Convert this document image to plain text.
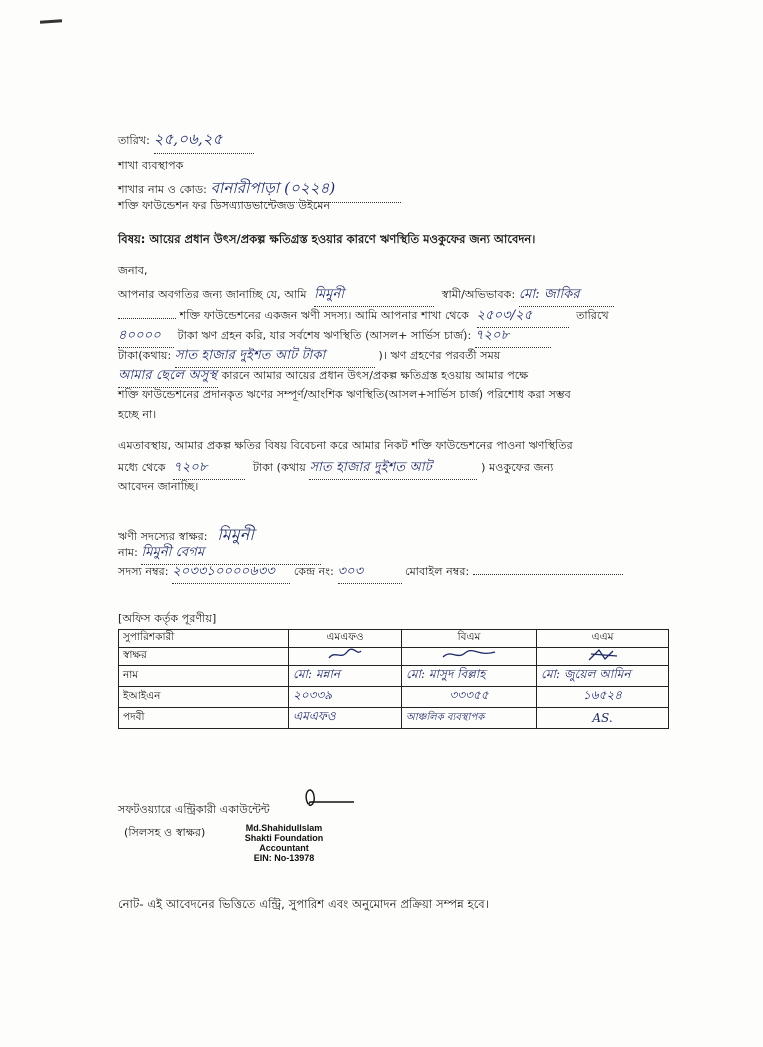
তারিখ: ২৫,০৬,২৫
শাখা ব্যবস্থাপক
শাখার নাম ও কোড: বানারীপাড়া (০২২৪)
শক্তি ফাউন্ডেশন ফর ডিসএ্যাডভান্টেজড উইমেন
বিষয়: আয়ের প্রধান উৎস/প্রকল্প ক্ষতিগ্রস্ত হওয়ার কারণে ঋণস্থিতি মওকুফের জন্য আবেদন।
জনাব,
আপনার অবগতির জন্য জানাচ্ছি যে, আমি মিমুনী	স্বামী/অভিভাবক: মো: জাকির
শক্তি ফাউন্ডেশনের একজন ঋণী সদস্য। আমি আপনার শাখা থেকে ২৫০৩/২৫	তারিখে
৪০০০০ টাকা ঋণ গ্রহন করি, যার সর্বশেষ ঋণস্থিতি (আসল+ সার্ভিস চার্জ): ৭২০৮
টাকা(কথায়: সাত হাজার দুইশত আট টাকা	)। ঋণ গ্রহণের পরবর্তী সময়
আমার ছেলে অসুস্থ কারনে আমার আয়ের প্রধান উৎস/প্রকল্প ক্ষতিগ্রস্ত হওয়ায় আমার পক্ষে
শক্তি ফাউন্ডেশনের প্রদানকৃত ঋণের সম্পূর্ণ/আংশিক ঋণস্থিতি(আসল+সার্ভিস চার্জ) পরিশোধ করা সম্ভব
হচ্ছে না।
এমতাবস্থায়, আমার প্রকল্প ক্ষতির বিষয় বিবেচনা করে আমার নিকট শক্তি ফাউন্ডেশনের পাওনা ঋণস্থিতির
মধ্যে থেকে ৭২০৮	টাকা (কথায় সাত হাজার দুইশত আট	) মওকুফের জন্য
আবেদন জানাচ্ছি।
ঋণী সদস্যের স্বাক্ষর: মিমুনী
নাম: মিমুনী বেগম
সদস্য নম্বর: ২০৩৩১০০০০৬৩৩ কেন্দ্র নং: ৩০৩	মোবাইল নম্বর:
[অফিস কর্তৃক পূরণীয়]
সুপারিশকারী	এমএফও	বিএম	এএম
স্বাক্ষর			
নাম	মো: মন্নান	মো: মাসুদ বিল্লাহ	মো: জুয়েল আমিন
ইআইএন	২০৩৩৯	৩৩৩৫৫	১৬৫২৪
পদবী	এমএফও	আঞ্চলিক ব্যবস্থাপক	AS.
সফটওয়্যারে এন্ট্রিকারী একাউন্টেন্ট
(সিলসহ ও স্বাক্ষর)	Md.Shahidullslam
Shakti Foundation
Accountant
EIN: No-13978
নোট- এই আবেদনের ভিত্তিতে এন্ট্রি, সুপারিশ এবং অনুমোদন প্রক্রিয়া সম্পন্ন হবে।
